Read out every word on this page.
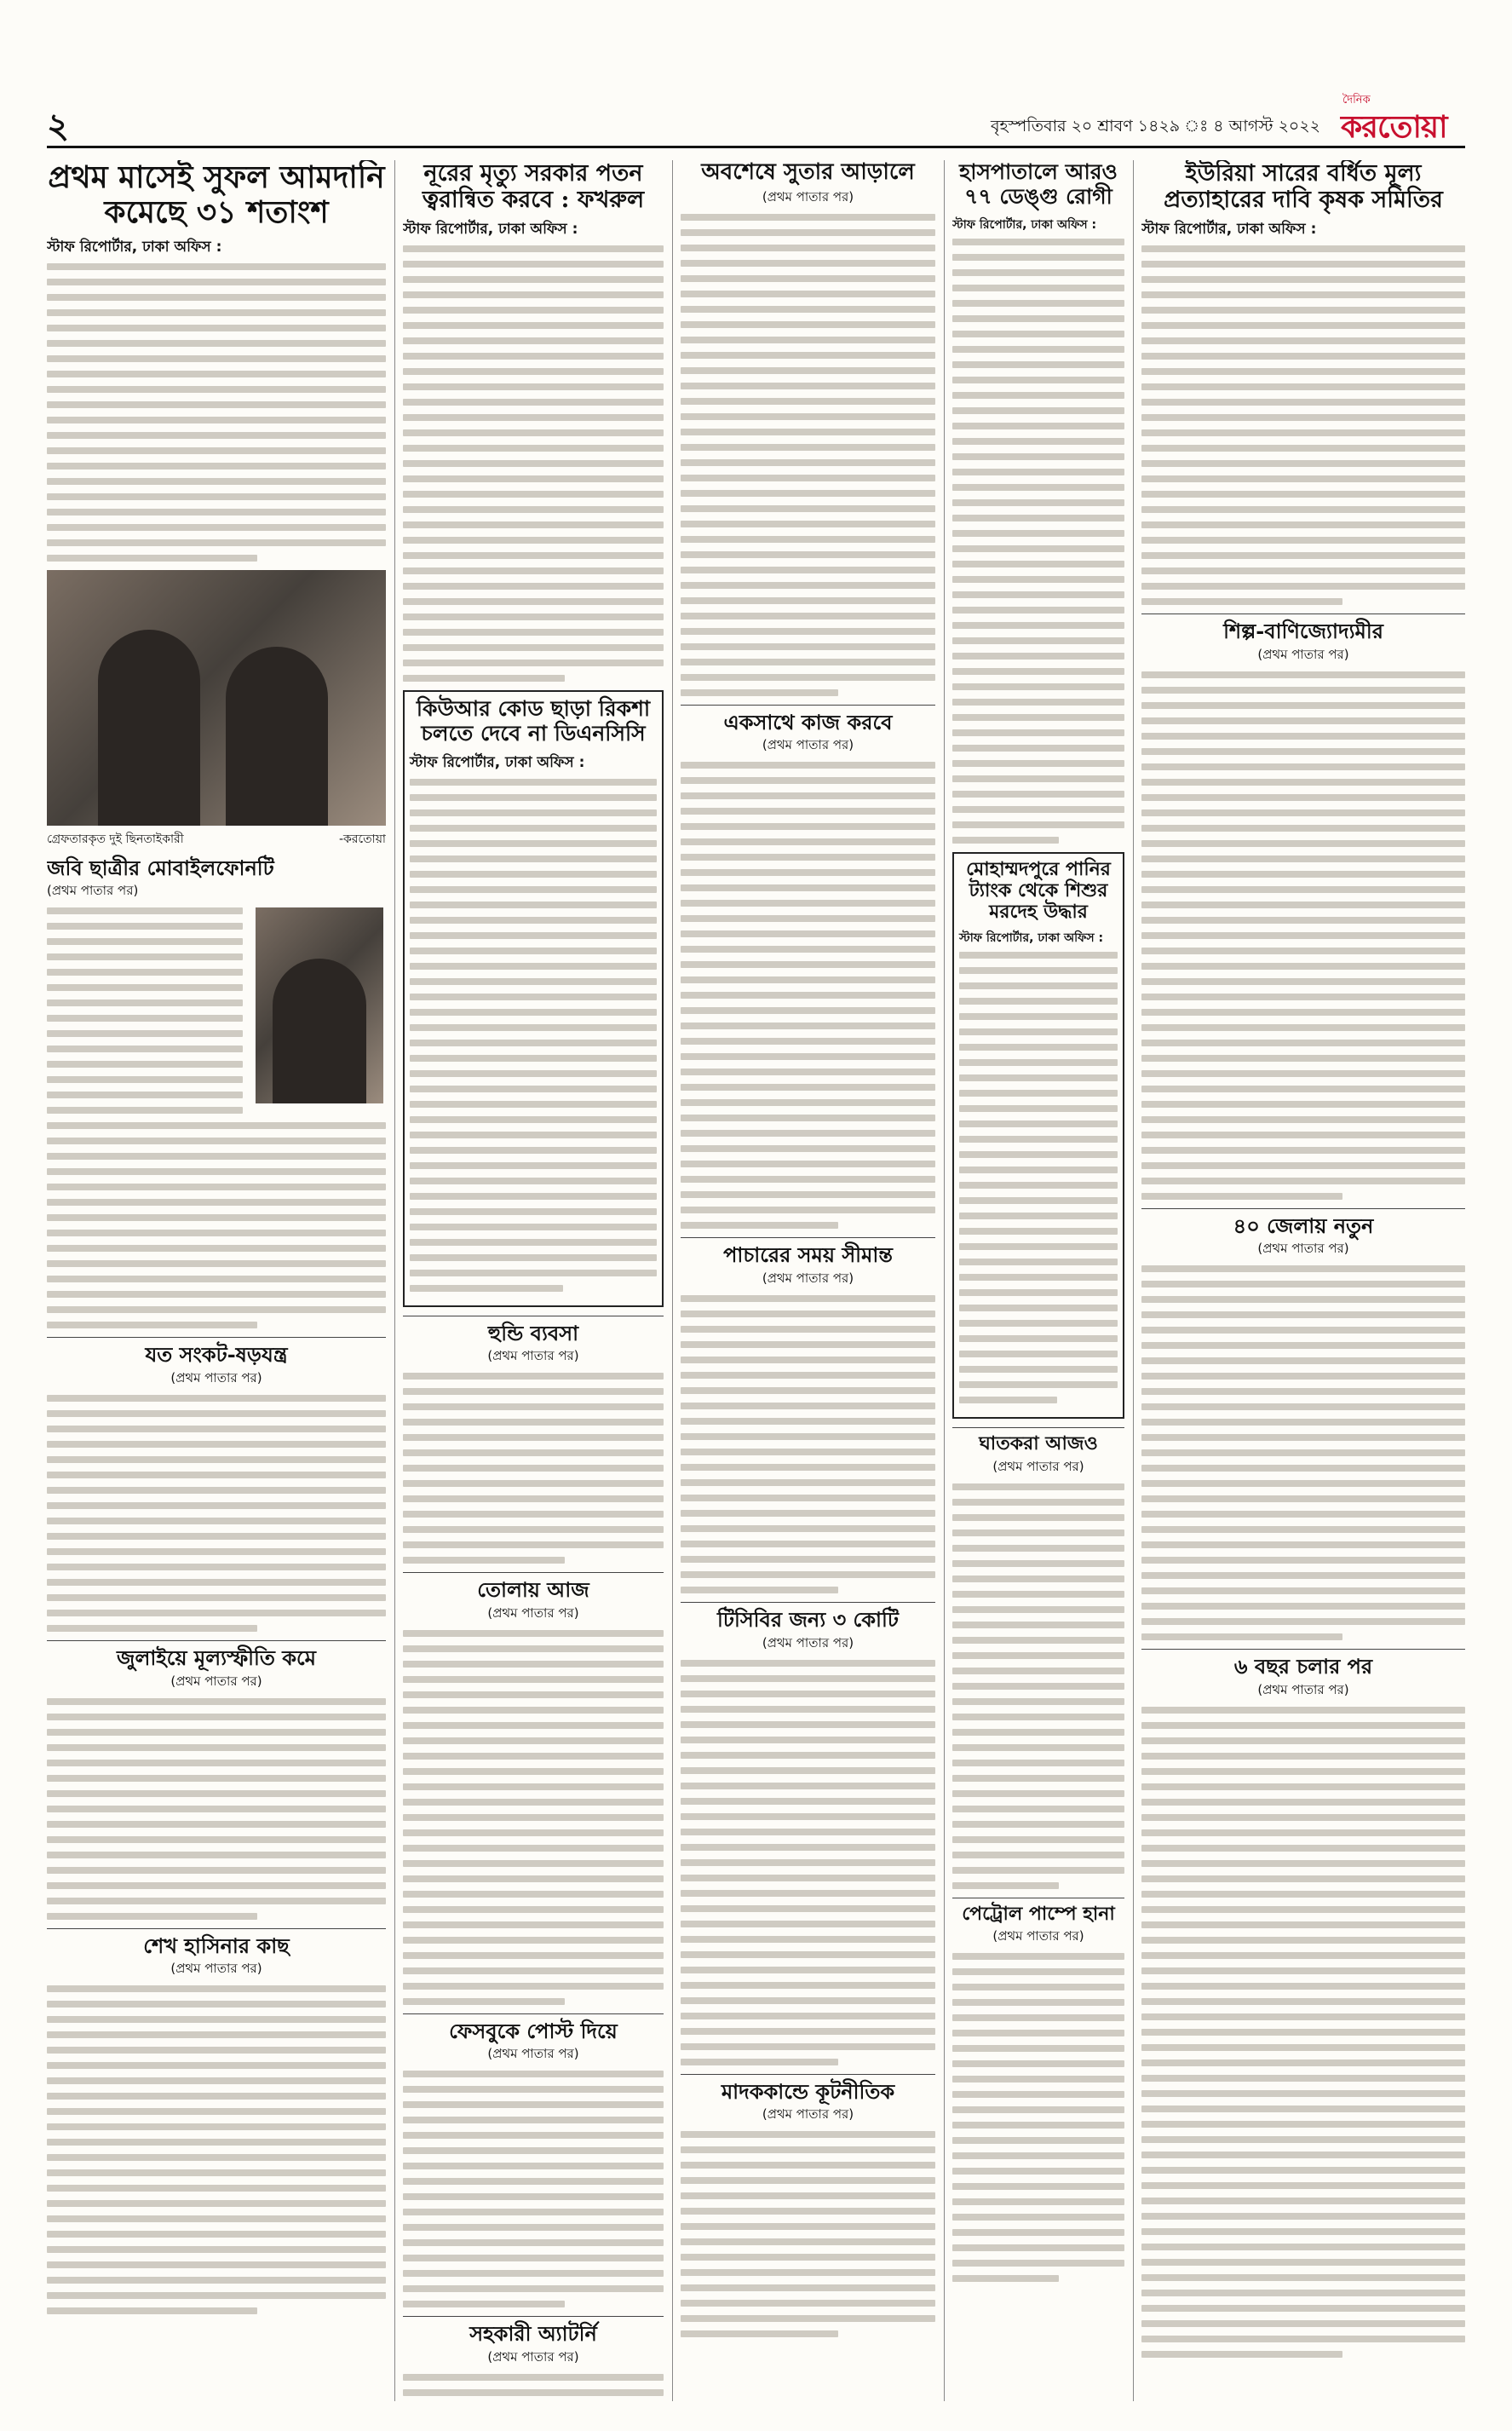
২	বৃহস্পতিবার ২০ শ্রাবণ ১৪২৯ ঃ ৪ আগস্ট ২০২২
দৈনিক
করতোয়া
প্রথম মাসেই সুফল আমদানি
কমেছে ৩১ শতাংশ
স্টাফ রিপোর্টার, ঢাকা অফিস :
গ্রেফতারকৃত দুই ছিনতাইকারী	-করতোয়া
জবি ছাত্রীর মোবাইলফোনটি
(প্রথম পাতার পর)

যত সংকট-ষড়যন্ত্র
(প্রথম পাতার পর)
জুলাইয়ে মূল্যস্ফীতি কমে
(প্রথম পাতার পর)
শেখ হাসিনার কাছ
(প্রথম পাতার পর)
নূরের মৃত্যু সরকার পতন ত্বরান্বিত করবে : ফখরুল
স্টাফ রিপোর্টার, ঢাকা অফিস :
কিউআর কোড ছাড়া রিকশা চলতে দেবে না ডিএনসিসি
স্টাফ রিপোর্টার, ঢাকা অফিস :
হুন্ডি ব্যবসা
(প্রথম পাতার পর)
তোলায় আজ
(প্রথম পাতার পর)
ফেসবুকে পোস্ট দিয়ে
(প্রথম পাতার পর)
সহকারী অ্যাটর্নি
(প্রথম পাতার পর)
অবশেষে সুতার আড়ালে
(প্রথম পাতার পর)
একসাথে কাজ করবে
(প্রথম পাতার পর)
পাচারের সময় সীমান্ত
(প্রথম পাতার পর)
টিসিবির জন্য ৩ কোটি
(প্রথম পাতার পর)
মাদককান্ডে কূটনীতিক
(প্রথম পাতার পর)
হাসপাতালে আরও ৭৭ ডেঙ্গু রোগী
স্টাফ রিপোর্টার, ঢাকা অফিস :
মোহাম্মদপুরে পানির ট্যাংক থেকে শিশুর মরদেহ উদ্ধার
স্টাফ রিপোর্টার, ঢাকা অফিস :
ঘাতকরা আজও
(প্রথম পাতার পর)
পেট্রোল পাম্পে হানা
(প্রথম পাতার পর)
ইউরিয়া সারের বর্ধিত মূল্য প্রত্যাহারের দাবি কৃষক সমিতির
স্টাফ রিপোর্টার, ঢাকা অফিস :
শিল্প-বাণিজ্যোদ্যমীর
(প্রথম পাতার পর)
৪০ জেলায় নতুন
(প্রথম পাতার পর)
৬ বছর চলার পর
(প্রথম পাতার পর)
